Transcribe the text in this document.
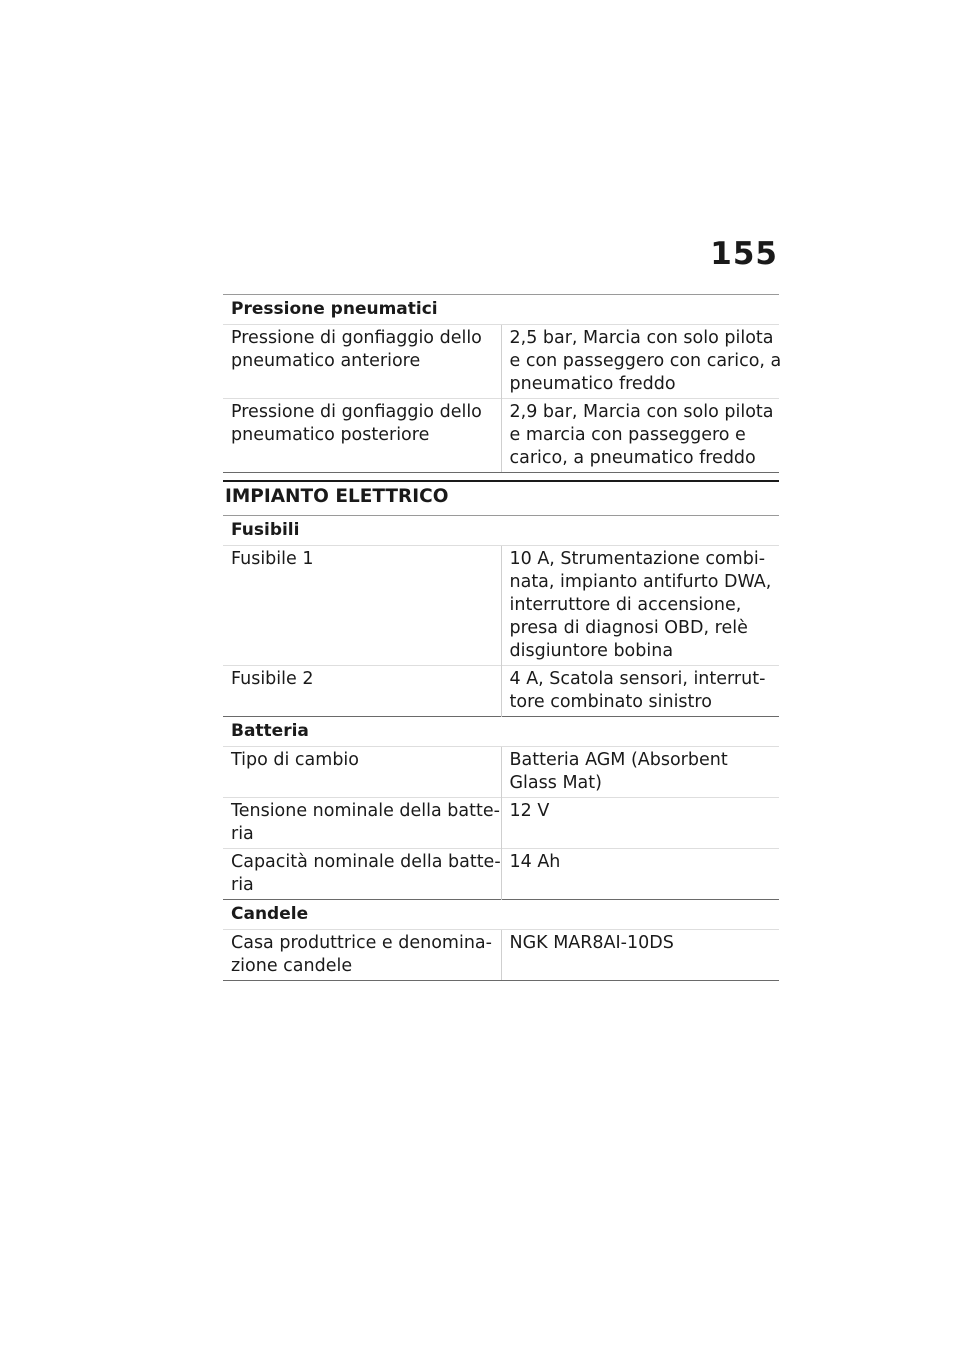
155
Pressione pneumatici	

Pressione di gonfiaggio dello
pneumatico anteriore	2,5 bar, Marcia con solo pilota
e con passeggero con carico, a
pneumatico freddo

Pressione di gonfiaggio dello
pneumatico posteriore	2,9 bar, Marcia con solo pilota
e marcia con passeggero e
carico, a pneumatico freddo
IMPIANTO ELETTRICO
Fusibili	

Fusibile 1	10 A, Strumentazione combi-
nata, impianto antifurto DWA,
interruttore di accensione,
presa di diagnosi OBD, relè
disgiuntore bobina

Fusibile 2	4 A, Scatola sensori, interrut-
tore combinato sinistro

Batteria	

Tipo di cambio	Batteria AGM (Absorbent
Glass Mat)

Tensione nominale della batte-
ria	12 V

Capacità nominale della batte-
ria	14 Ah

Candele	

Casa produttrice e denomina-
zione candele	NGK MAR8AI-10DS
